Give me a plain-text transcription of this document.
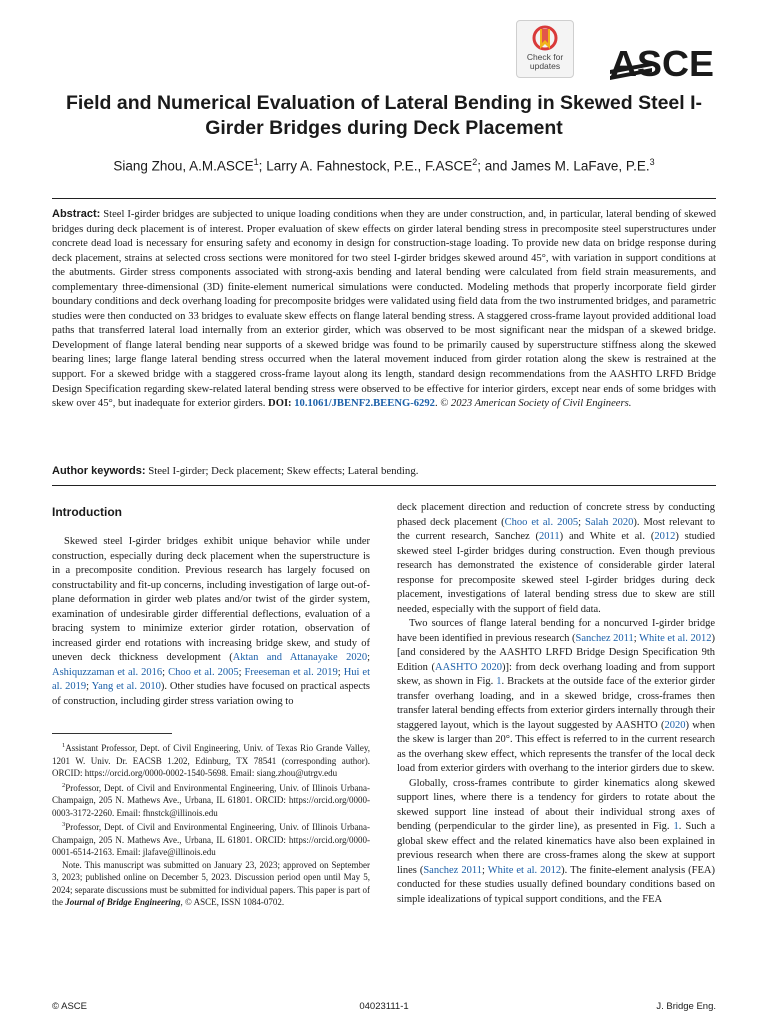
Check for
updates	ASCE
Field and Numerical Evaluation of Lateral Bending in Skewed Steel I-Girder Bridges during Deck Placement

Siang Zhou, A.M.ASCE$^1$; Larry A. Fahnestock, P.E., F.ASCE$^2$; and James M. LaFave, P.E.$^3$

Abstract: Steel I-girder bridges are subjected to unique loading conditions when they are under construction, and, in particular, lateral bending of skewed bridges during deck placement is of interest. Proper evaluation of skew effects on girder lateral bending stress in precomposite steel superstructures under concrete dead load is necessary for ensuring safety and economy in design for construction-stage loading. To provide new data on bridge response during deck placement, strains at selected cross sections were monitored for two steel I-girder bridges skewed around 45°, with variation in support conditions at the abutments. Girder stress components associated with strong-axis bending and lateral bending were calculated from field strain measurements, and complementary three-dimensional (3D) finite-element numerical simulations were conducted. Modeling methods that properly incorporate field girder boundary conditions and deck overhang loading for precomposite bridges were validated using field data from the two instrumented bridges, and parametric studies were then conducted on 33 bridges to evaluate skew effects on flange lateral bending stress. A staggered cross-frame layout provided additional load paths that transferred lateral load internally from an exterior girder, which was observed to be most significant near the midspan of a skewed bridge. Development of flange lateral bending near supports of a skewed bridge was found to be primarily caused by superstructure stiffness along the skewed bearing lines; large flange lateral bending stress occurred when the lateral movement induced from girder rotation along the skew is restrained at the support. For a skewed bridge with a staggered cross-frame layout along its length, standard design recommendations from the AASHTO LRFD Bridge Design Specification regarding skew-related lateral bending stress were observed to be effective for interior girders, except near ends of some bridges with skew over 45°, but inadequate for exterior girders. DOI: 10.1061/JBENF2.BEENG-6292. © 2023 American Society of Civil Engineers.

Author keywords: Steel I-girder; Deck placement; Skew effects; Lateral bending.

Introduction

Skewed steel I-girder bridges exhibit unique behavior while under construction, especially during deck placement when the superstructure is in a precomposite condition. Previous research has largely focused on constructability and fit-up concerns, including investigation of large out-of-plane deformation in girder web plates and/or twist of the girder system, examination of undesirable girder differential deflections, evaluation of a bracing system to minimize exterior girder rotation, observation of increased girder end rotations with increasing bridge skew, and study of uneven deck thickness development (Aktan and Attanayake 2020; Ashiquzzaman et al. 2016; Choo et al. 2005; Freeseman et al. 2019; Hui et al. 2019; Yang et al. 2010). Other studies have focused on practical aspects of construction, including girder stress variation owing to

$^1$Assistant Professor, Dept. of Civil Engineering, Univ. of Texas Rio Grande Valley, 1201 W. Univ. Dr. EACSB 1.202, Edinburg, TX 78541 (corresponding author). ORCID: https://orcid.org/0000-0002-1540-5698. Email: siang.zhou@utrgv.edu

$^2$Professor, Dept. of Civil and Environmental Engineering, Univ. of Illinois Urbana-Champaign, 205 N. Mathews Ave., Urbana, IL 61801. ORCID: https://orcid.org/0000-0003-3172-2260. Email: fhnstck@illinois.edu

$^3$Professor, Dept. of Civil and Environmental Engineering, Univ. of Illinois Urbana-Champaign, 205 N. Mathews Ave., Urbana, IL 61801. ORCID: https://orcid.org/0000-0001-6514-2163. Email: jlafave@illinois.edu

Note. This manuscript was submitted on January 23, 2023; approved on September 3, 2023; published online on December 5, 2023. Discussion period open until May 5, 2024; separate discussions must be submitted for individual papers. This paper is part of the Journal of Bridge Engineering, © ASCE, ISSN 1084-0702.

deck placement direction and reduction of concrete stress by conducting phased deck placement (Choo et al. 2005; Salah 2020). Most relevant to the current research, Sanchez (2011) and White et al. (2012) studied skewed steel I-girder bridges during construction. Even though previous research has demonstrated the existence of considerable girder lateral response for precomposite skewed steel I-girder bridges during deck placement, investigations of lateral bending stress due to skew are still needed, especially with the support of field data.

Two sources of flange lateral bending for a noncurved I-girder bridge have been identified in previous research (Sanchez 2011; White et al. 2012) [and considered by the AASHTO LRFD Bridge Design Specification 9th Edition (AASHTO 2020)]: from deck overhang loading and from support skew, as shown in Fig. 1. Brackets at the outside face of the exterior girder transfer overhang loading, and in a skewed bridge, cross-frames then transfer lateral bending effects from exterior girders internally through their staggered layout, which is the layout suggested by AASHTO (2020) when the skew is larger than 20°. This effect is referred to in the current research as the overhang skew effect, which represents the transfer of the local deck load from exterior girders with overhang to the interior girders due to skew.

Globally, cross-frames contribute to girder kinematics along skewed support lines, where there is a tendency for girders to rotate about the skewed support line instead of about their individual strong axes of bending (perpendicular to the girder line), as presented in Fig. 1. Such a global skew effect and the related kinematics have also been explained in previous research when there are cross-frames along the skew at support lines (Sanchez 2011; White et al. 2012). The finite-element analysis (FEA) conducted for these studies usually defined boundary conditions based on simple idealizations of typical support conditions, and the FEA

04023111-1
© ASCE	J. Bridge Eng.
